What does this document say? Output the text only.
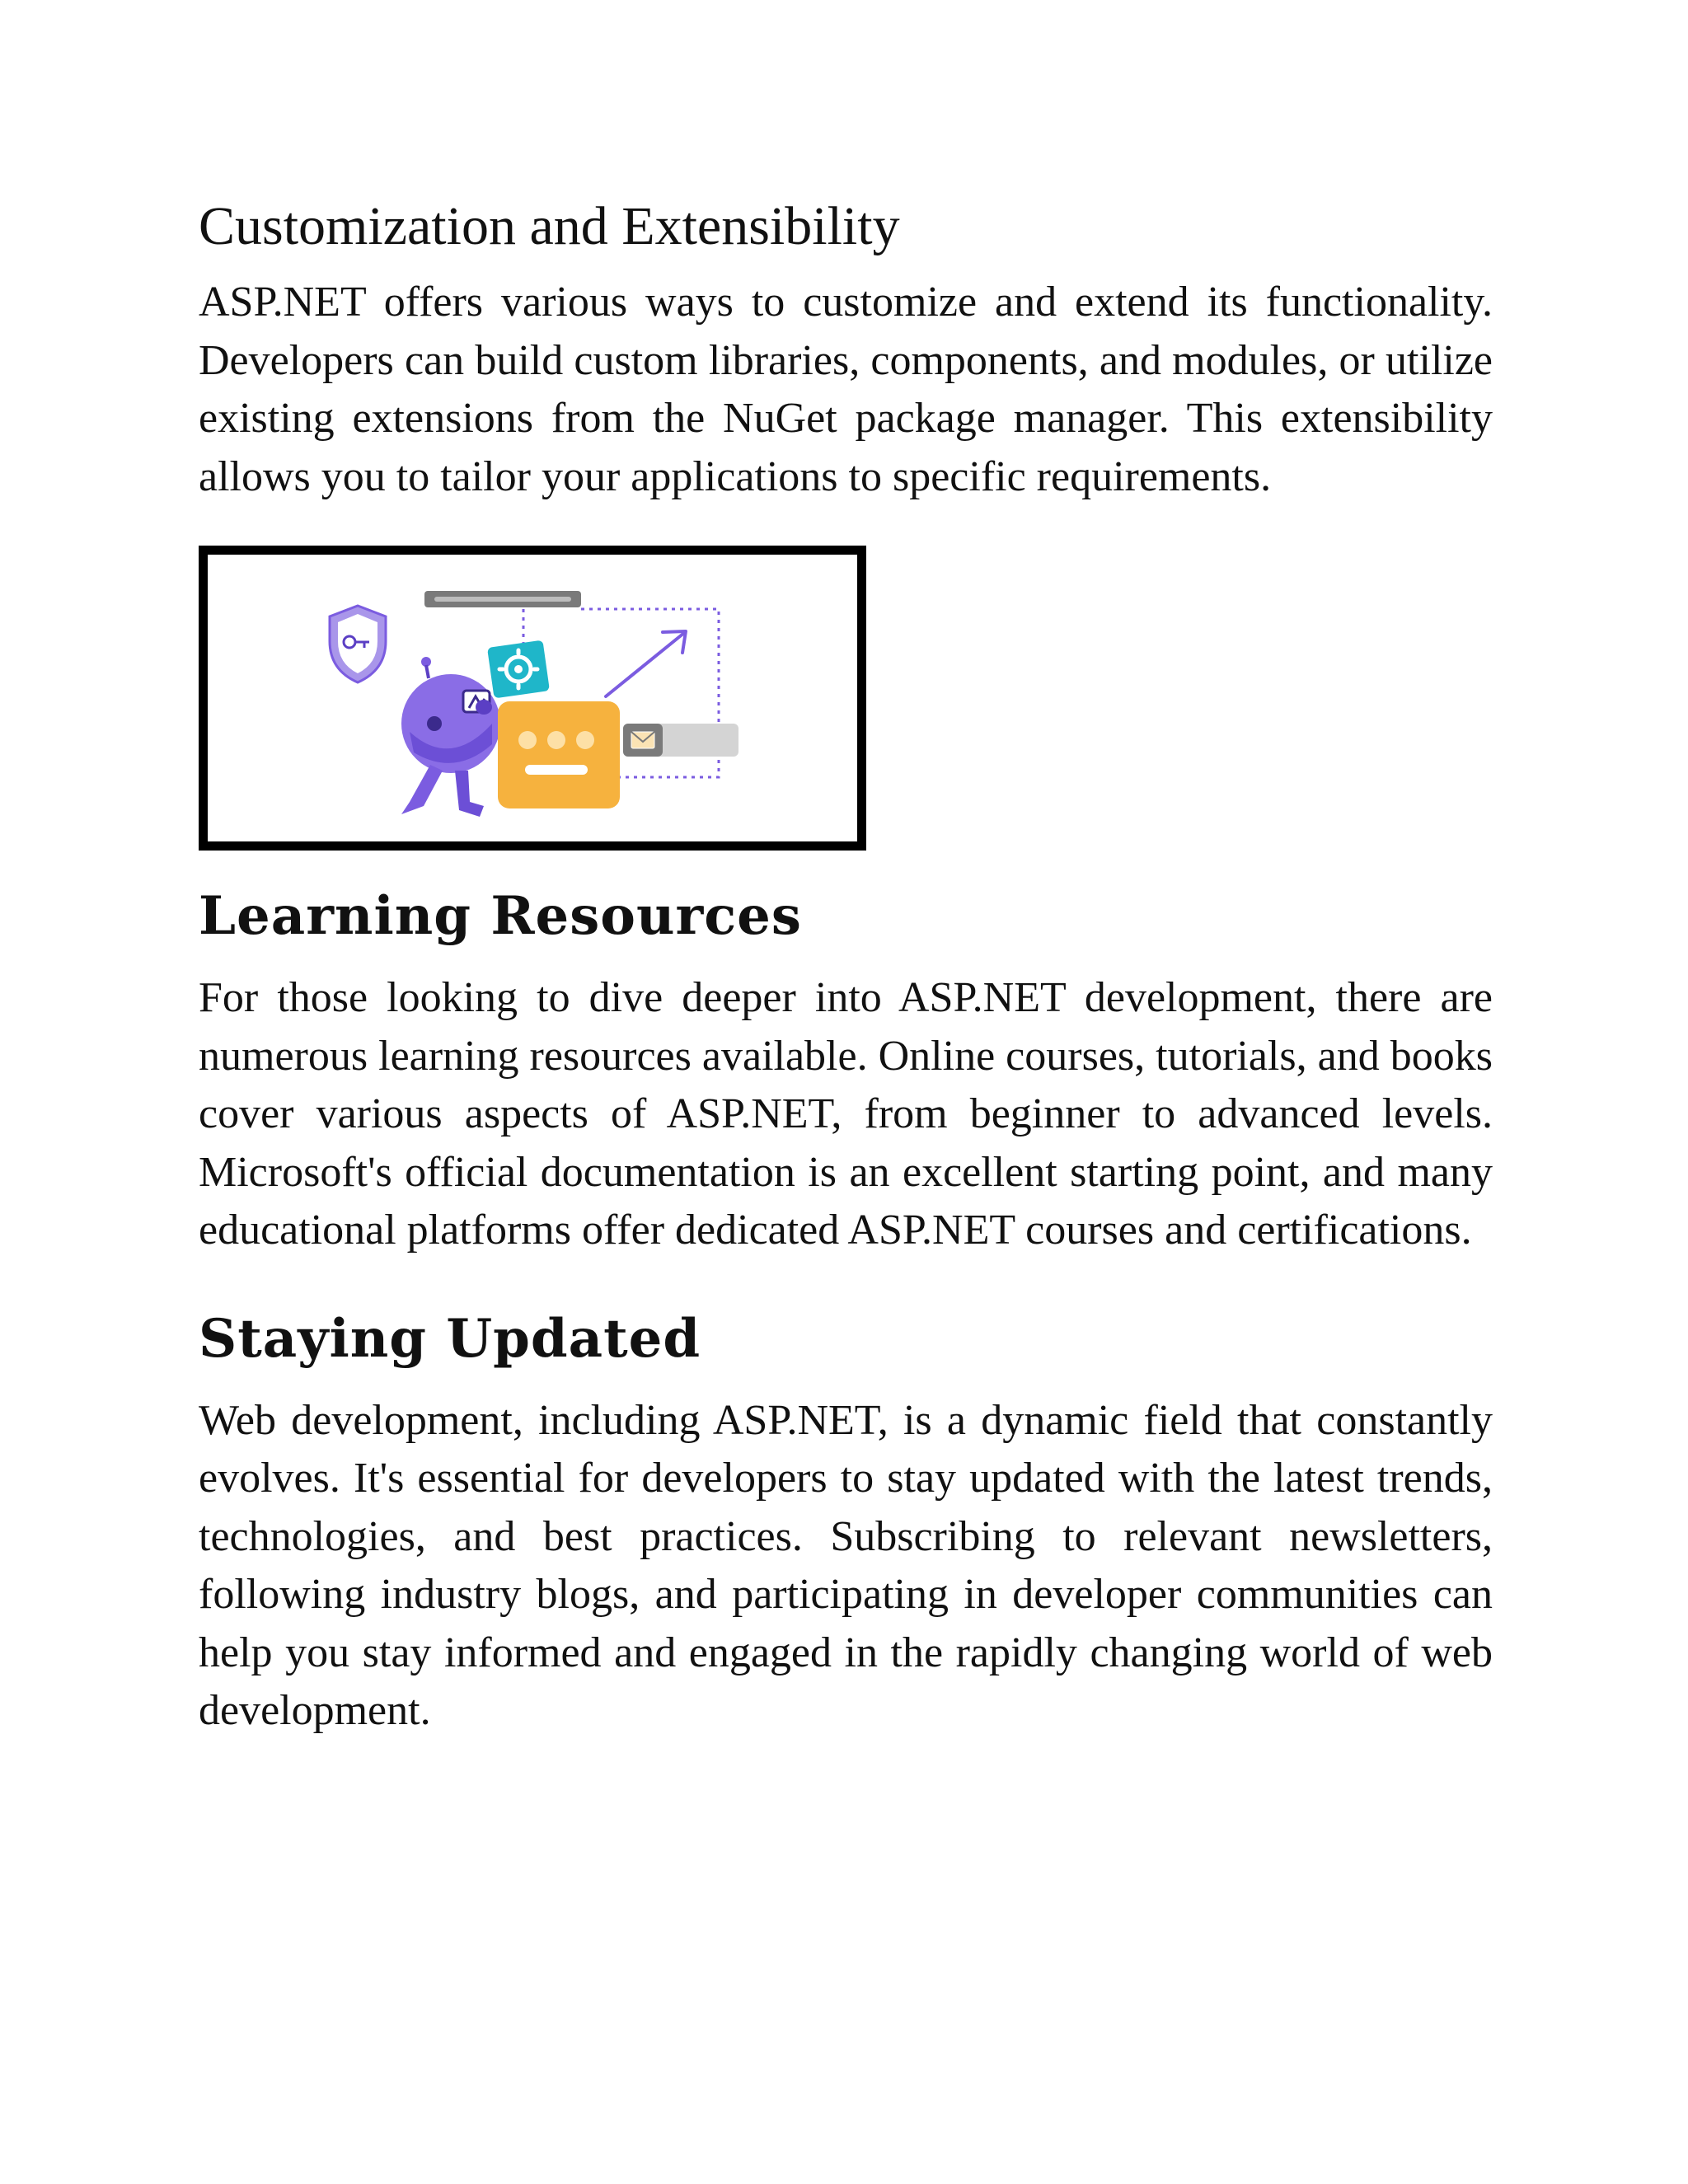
Customization and Extensibility

ASP.NET offers various ways to customize and extend its functionality. Developers can build custom libraries, components, and modules, or utilize existing extensions from the NuGet package manager. This extensibility allows you to tailor your applications to specific requirements.

Learning Resources

For those looking to dive deeper into ASP.NET development, there are numerous learning resources available. Online courses, tutorials, and books cover various aspects of ASP.NET, from beginner to advanced levels. Microsoft's official documentation is an excellent starting point, and many educational platforms offer dedicated ASP.NET courses and certifications.

Staying Updated

Web development, including ASP.NET, is a dynamic field that constantly evolves. It's essential for developers to stay updated with the latest trends, technologies, and best practices. Subscribing to relevant newsletters, following industry blogs, and participating in developer communities can help you stay informed and engaged in the rapidly changing world of web development.
